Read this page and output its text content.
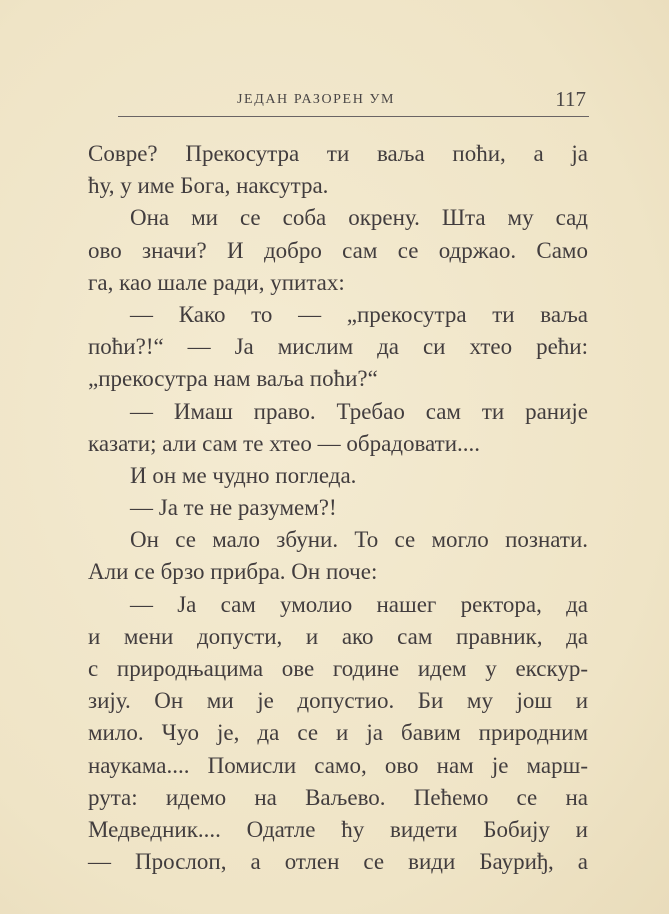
ЈЕДАН РАЗОРЕН УМ	117
Совре? Прекосутра ти ваља поћи, а ја
ћу, у име Бога, наксутра.
Она ми се соба окрену. Шта му сад
ово значи? И добро сам се одржао. Само
га, као шале ради, упитах:
— Како то — „прекосутра ти ваља
поћи?!“ — Ја мислим да си хтео рећи:
„прекосутра нам ваља поћи?“
— Имаш право. Требао сам ти раније
казати; али сам те хтео — обрадовати....
И он ме чудно погледа.
— Ја те не разумем?!
Он се мало збуни. То се могло познати.
Али се брзо прибра. Он поче:
— Ја сам умолио нашег ректора, да
и мени допусти, и ако сам правник, да
с природњацима ове године идем у екскур-
зију. Он ми је допустио. Би му још и
мило. Чуо је, да се и ја бавим природним
наукама.... Помисли само, ово нам је марш-
рута: идемо на Ваљево. Пећемо се на
Медведник.... Одатле ћу видети Бобију и
— Прослоп, а отлен се види Бауриђ, а
